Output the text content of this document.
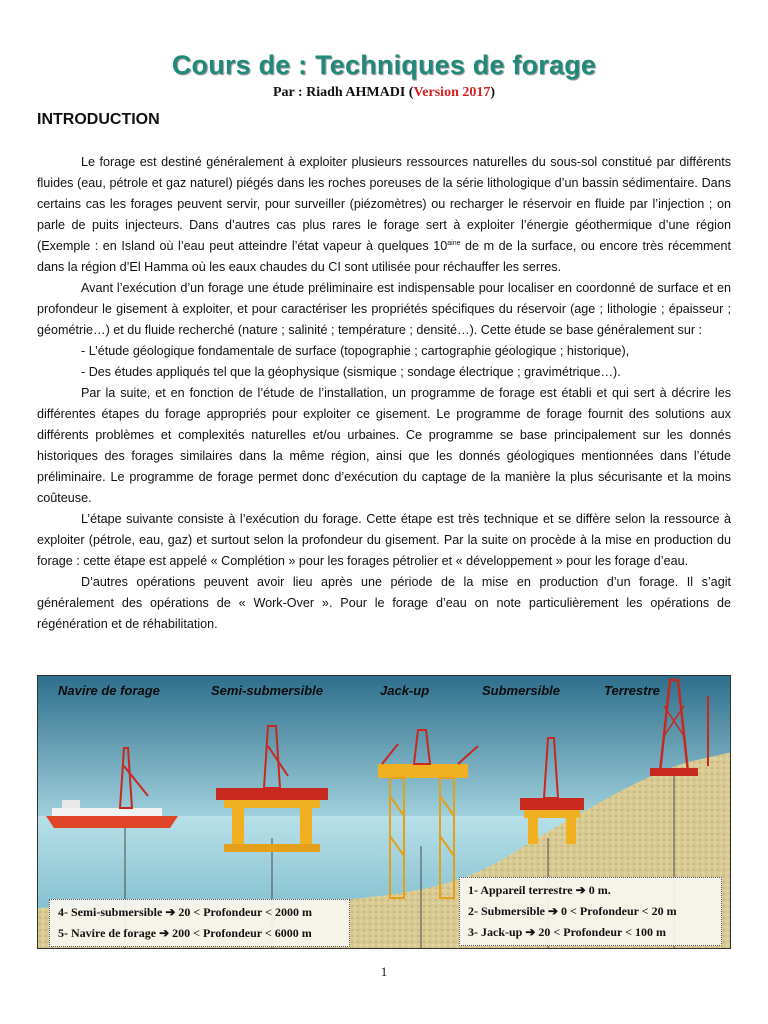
Cours de : Techniques de forage
Par : Riadh AHMADI (Version 2017)
INTRODUCTION

Le forage est destiné généralement à exploiter plusieurs ressources naturelles du sous-sol constitué par différents fluides (eau, pétrole et gaz naturel) piégés dans les roches poreuses de la série lithologique d’un bassin sédimentaire. Dans certains cas les forages peuvent servir, pour surveiller (piézomètres) ou recharger le réservoir en fluide par l’injection ; on parle de puits injecteurs. Dans d’autres cas plus rares le forage sert à exploiter l’énergie géothermique d’une région (Exemple : en Island où l’eau peut atteindre l’état vapeur à quelques $10^{aine}$ de m de la surface, ou encore très récemment dans la région d’El Hamma où les eaux chaudes du CI sont utilisée pour réchauffer les serres.

Avant l’exécution d’un forage une étude préliminaire est indispensable pour localiser en coordonné de surface et en profondeur le gisement à exploiter, et pour caractériser les propriétés spécifiques du réservoir (age ; lithologie ; épaisseur ; géométrie…) et du fluide recherché (nature ; salinité ; température ; densité…). Cette étude se base généralement sur :

- L’étude géologique fondamentale de surface (topographie ; cartographie géologique ; historique),

- Des études appliqués tel que la géophysique (sismique ; sondage électrique ; gravimétrique…).

Par la suite, et en fonction de l’étude de l’installation, un programme de forage est établi et qui sert à décrire les différentes étapes du forage appropriés pour exploiter ce gisement. Le programme de forage fournit des solutions aux différents problèmes et complexités naturelles et/ou urbaines. Ce programme se base principalement sur les donnés historiques des forages similaires dans la même région, ainsi que les donnés géologiques mentionnées dans l’étude préliminaire. Le programme de forage permet donc d’exécution du captage de la manière la plus sécurisante et la moins coûteuse.

L’étape suivante consiste à l’exécution du forage. Cette étape est très technique et se diffère selon la ressource à exploiter (pétrole, eau, gaz) et surtout selon la profondeur du gisement. Par la suite on procède à la mise en production du forage : cette étape est appelé « Complétion » pour les forages pétrolier et « développement » pour les forage d’eau.

D’autres opérations peuvent avoir lieu après une période de la mise en production d’un forage. Il s’agit généralement des opérations de « Work-Over ». Pour le forage d’eau on note particulièrement les opérations de régénération et de réhabilitation.

Navire de forage	Semi-submersible	Jack-up	Submersible	Terrestre
4- Semi-submersible ➔ 20 < Profondeur < 2000 m
5- Navire de forage ➔ 200 < Profondeur < 6000 m
1- Appareil terrestre ➔ 0 m.
2- Submersible ➔ 0 < Profondeur < 20 m
3- Jack-up ➔ 20 < Profondeur < 100 m
1
